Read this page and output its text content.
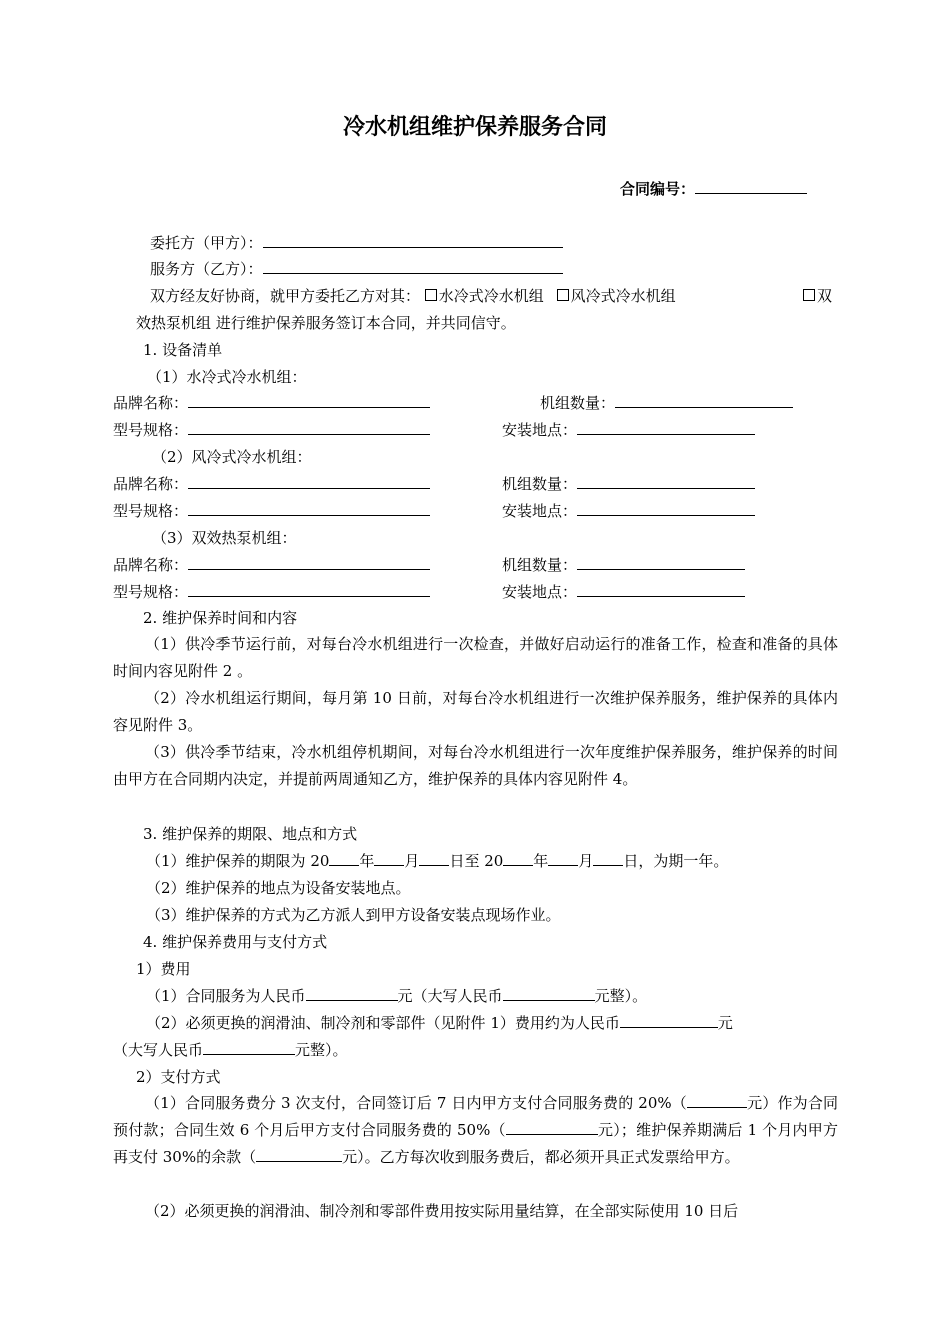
冷水机组维护保养服务合同
合同编号：
委托方（甲方）：
服务方（乙方）：
双方经友好协商，就甲方委托乙方对其： 水冷式冷水机组 风冷式冷水机组	双
效热泵机组 进行维护保养服务签订本合同，并共同信守。
1. 设备清单
（1）水冷式冷水机组：
品牌名称：	机组数量：
型号规格：	安装地点：
（2）风冷式冷水机组：
品牌名称：	机组数量：
型号规格：	安装地点：
（3）双效热泵机组：
品牌名称：	机组数量：
型号规格：	安装地点：
2. 维护保养时间和内容
（1）供冷季节运行前，对每台冷水机组进行一次检查，并做好启动运行的准备工作，检查和准备的具体时间内容见附件 2 。
（2）冷水机组运行期间，每月第 10 日前，对每台冷水机组进行一次维护保养服务，维护保养的具体内容见附件 3。
（3）供冷季节结束，冷水机组停机期间，对每台冷水机组进行一次年度维护保养服务，维护保养的时间由甲方在合同期内决定，并提前两周通知乙方，维护保养的具体内容见附件 4。
3. 维护保养的期限、地点和方式
（1）维护保养的期限为 20 年 月 日至 20 年 月 日，为期一年。
（2）维护保养的地点为设备安装地点。
（3）维护保养的方式为乙方派人到甲方设备安装点现场作业。
4. 维护保养费用与支付方式
1）费用
（1）合同服务为人民币	元（大写人民币	元整）。
（2）必须更换的润滑油、制冷剂和零部件（见附件 1）费用约为人民币	元
（大写人民币	元整）。
2）支付方式
（1）合同服务费分 3 次支付，合同签订后 7 日内甲方支付合同服务费的 20%（	元）作为合同预付款；合同生效 6 个月后甲方支付合同服务费的 50%（	元）；维护保养期满后 1 个月内甲方再支付 30%的余款（	元）。乙方每次收到服务费后，都必须开具正式发票给甲方。
（2）必须更换的润滑油、制冷剂和零部件费用按实际用量结算，在全部实际使用 10 日后
